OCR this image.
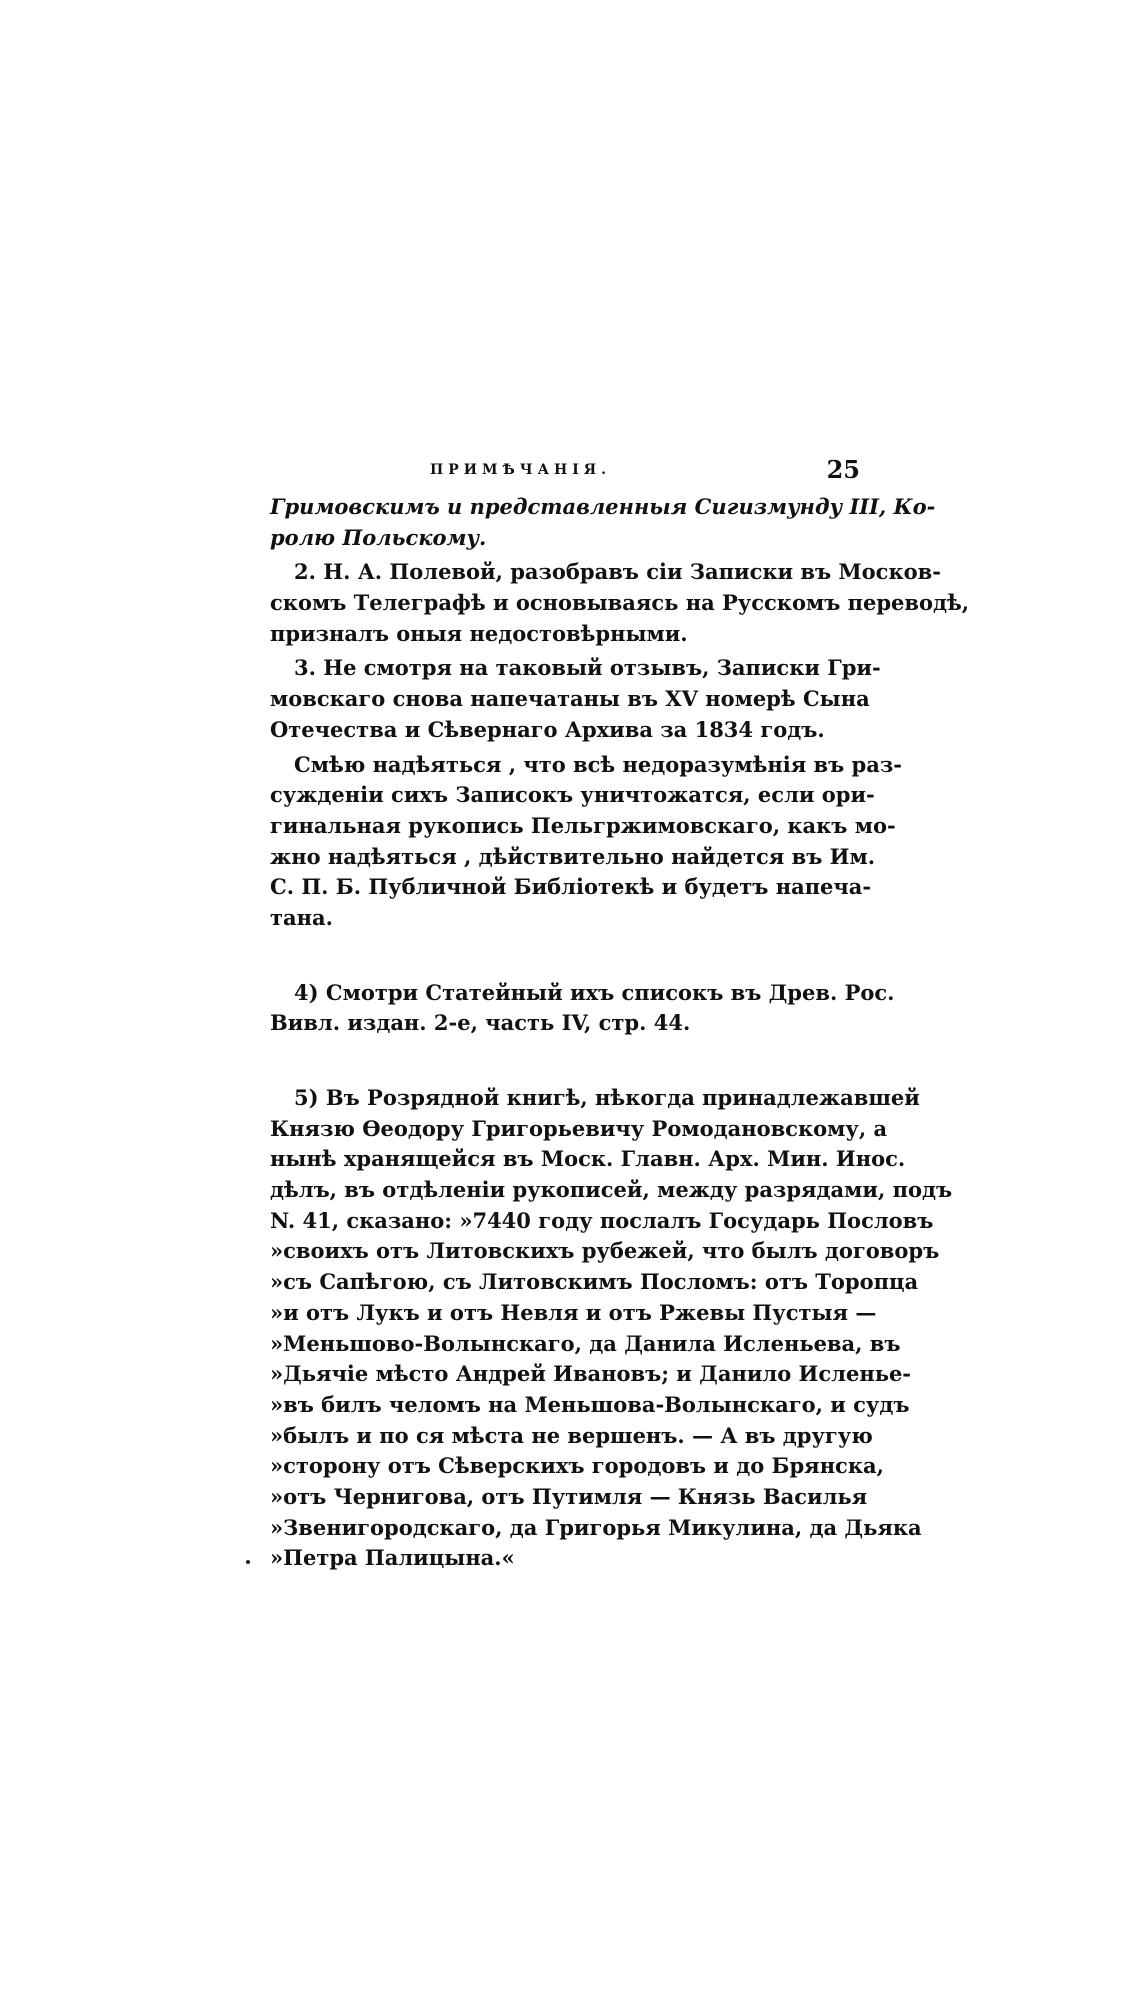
ПРИМѢЧАНІЯ.	25
Гримовскимъ и представленныя Сигизмунду III, Ко-
ролю Польскому.
2. Н. А. Полевой, разобравъ сіи Записки въ Москов-
скомъ Телеграфѣ и основываясь на Русскомъ переводѣ,
призналъ оныя недостовѣрными.
3. Не смотря на таковый отзывъ, Записки Гри-
мовскаго снова напечатаны въ XV номерѣ Сына
Отечества и Сѣвернаго Архива за 1834 годъ.
Смѣю надѣяться , что всѣ недоразумѣнія въ раз-
сужденіи сихъ Записокъ уничтожатся, если ори-
гинальная рукопись Пельгржимовскаго, какъ мо-
жно надѣяться , дѣйствительно найдется въ Им.
С. П. Б. Публичной Библіотекѣ и будетъ напеча-
тана.
4) Смотри Статейный ихъ списокъ въ Древ. Рос.
Вивл. издан. 2-е, часть IV, стр. 44.
5) Въ Розрядной книгѣ, нѣкогда принадлежавшей
Князю Ѳеодору Григорьевичу Ромодановскому, а
нынѣ хранящейся въ Моск. Главн. Арх. Мин. Инос.
дѣлъ, въ отдѣленіи рукописей, между разрядами, подъ
N. 41, сказано: »7440 году послалъ Государь Пословъ
»своихъ отъ Литовскихъ рубежей, что былъ договоръ
»съ Сапѣгою, съ Литовскимъ Посломъ: отъ Торопца
»и отъ Лукъ и отъ Невля и отъ Ржевы Пустыя —
»Меньшово-Волынскаго, да Данила Исленьева, въ
»Дьячіе мѣсто Андрей Ивановъ; и Данило Исленье-
»въ билъ челомъ на Меньшова-Волынскаго, и судъ
»былъ и по ся мѣста не вершенъ. — А въ другую
»сторону отъ Сѣверскихъ городовъ и до Брянска,
»отъ Чернигова, отъ Путимля — Князь Василья
»Звенигородскаго, да Григорья Микулина, да Дьяка
»Петра Палицына.«
